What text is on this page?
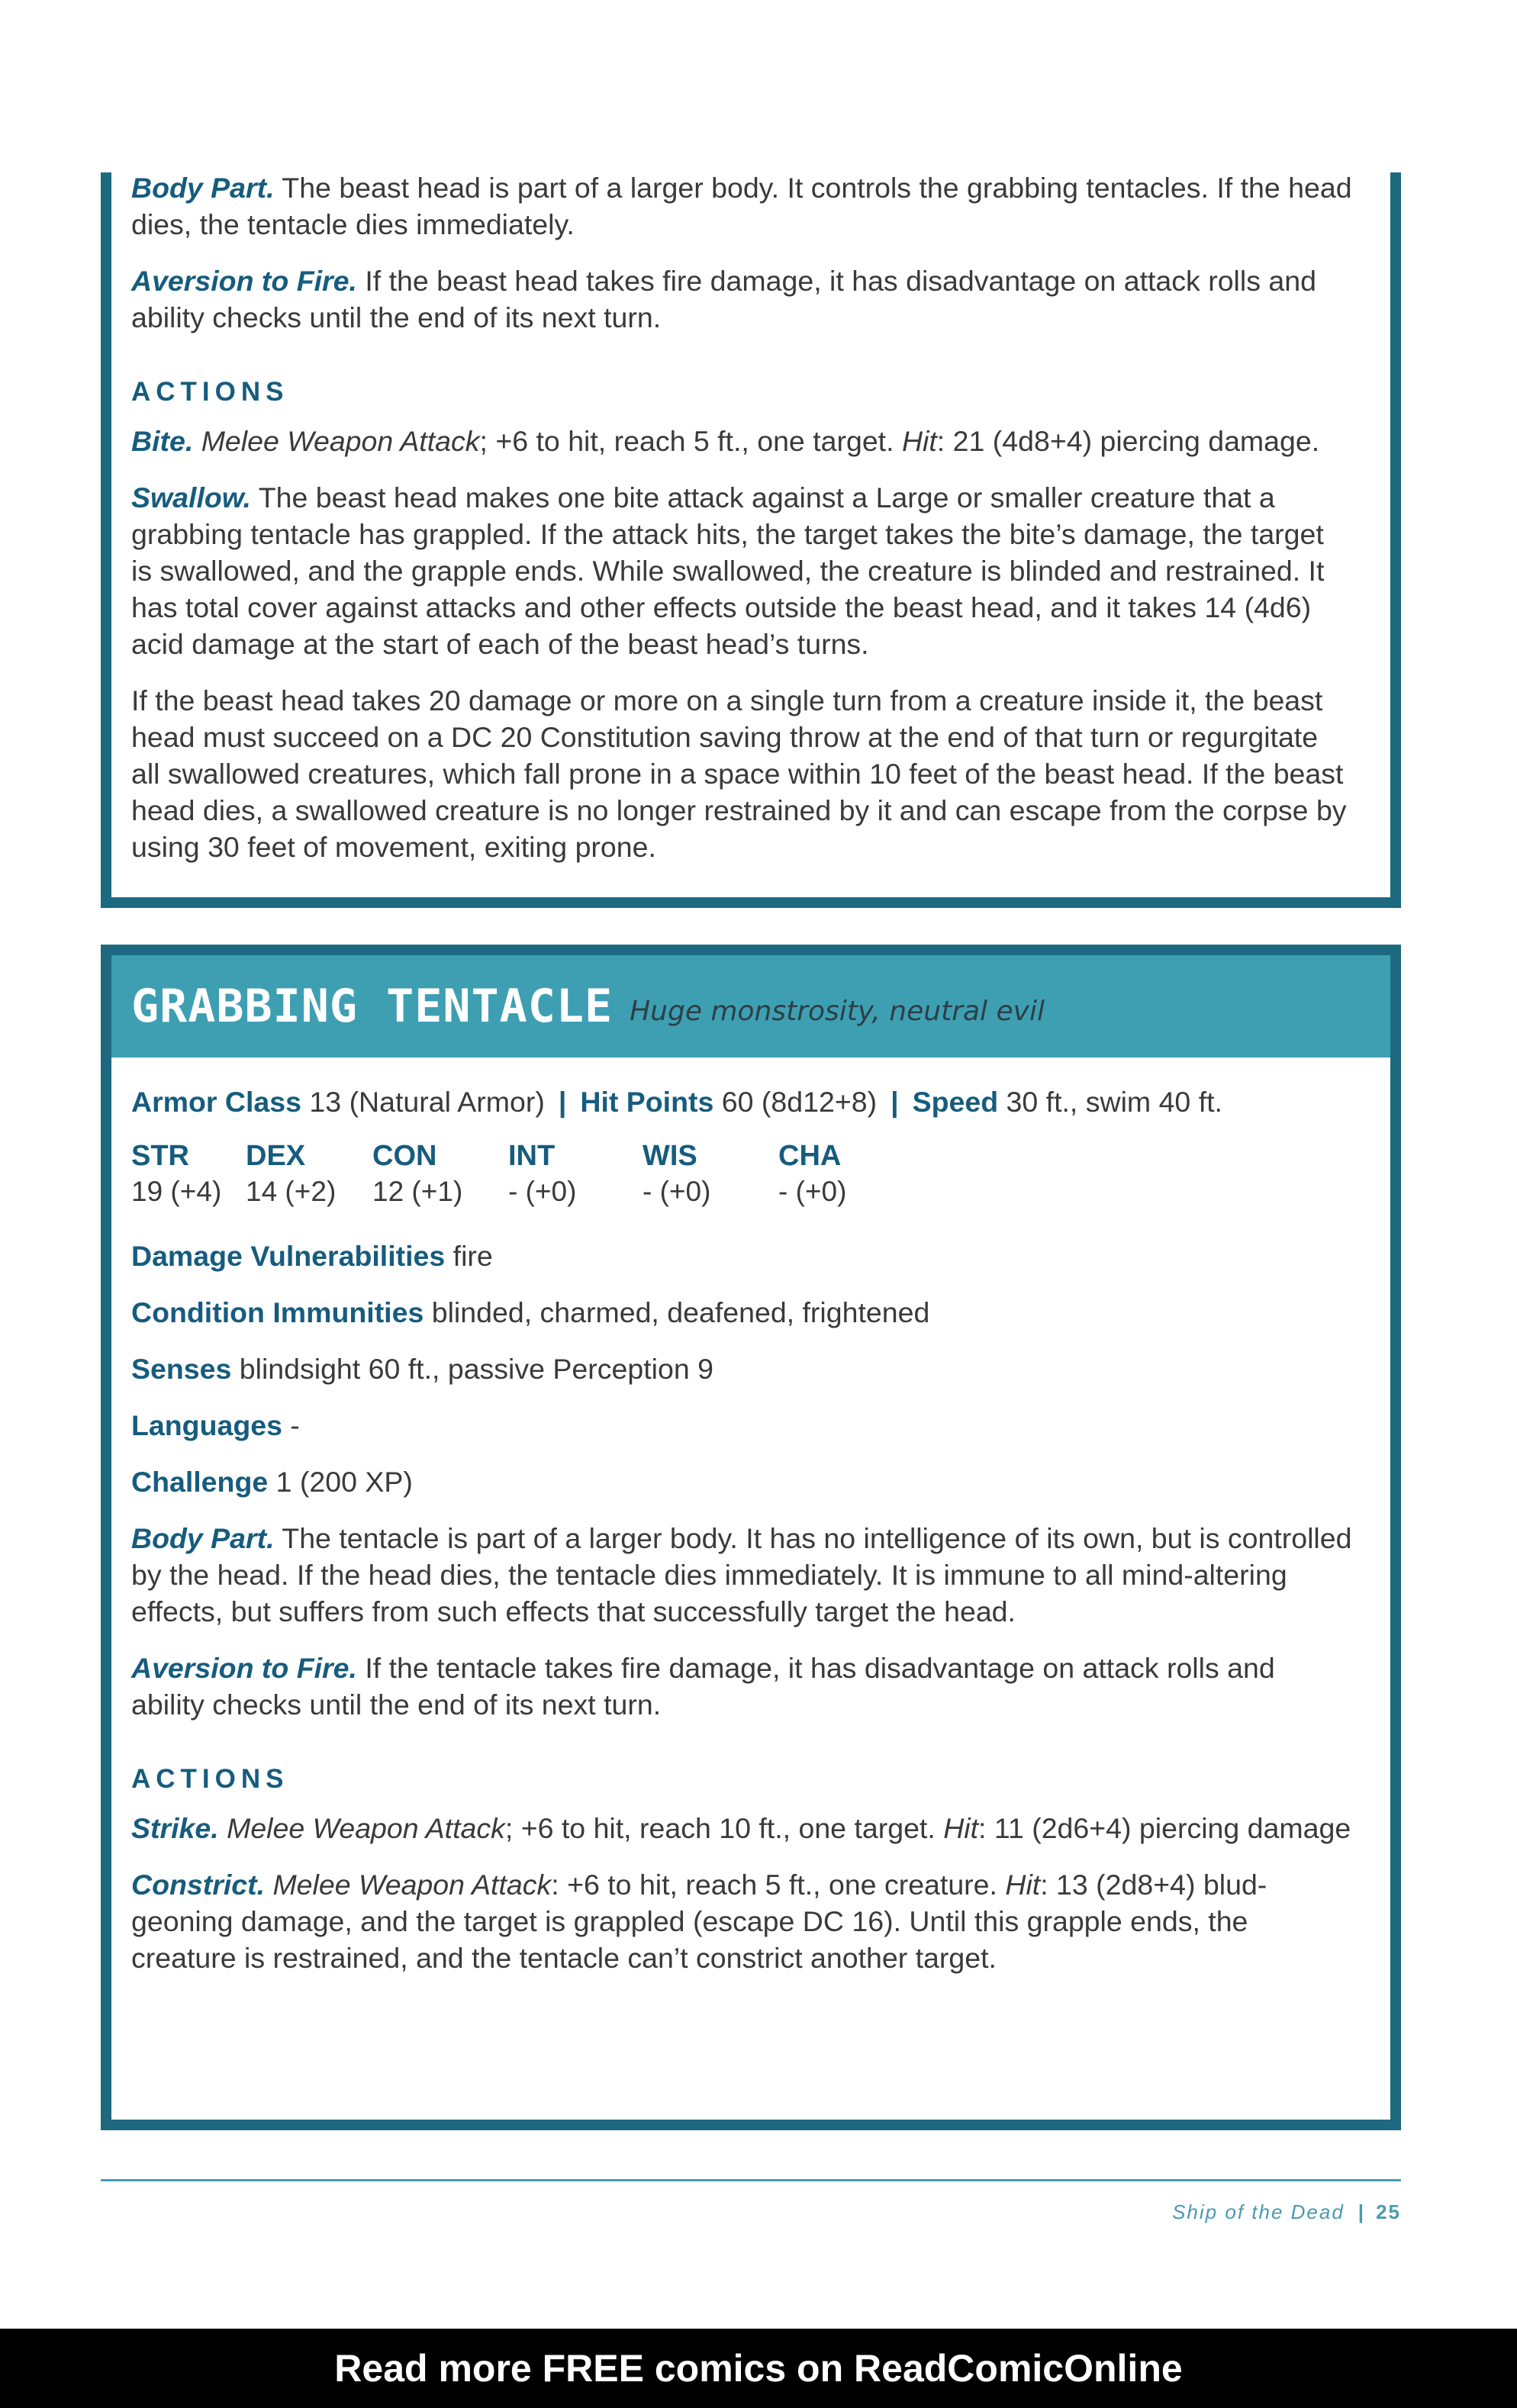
Body Part. The beast head is part of a larger body. It controls the grabbing tentacles. If the head dies, the tentacle dies immediately.

Aversion to Fire. If the beast head takes fire damage, it has disadvantage on attack rolls and ability checks until the end of its next turn.

ACTIONS

Bite. Melee Weapon Attack; +6 to hit, reach 5 ft., one target. Hit: 21 (4d8+4) piercing damage.

Swallow. The beast head makes one bite attack against a Large or smaller creature that a grabbing tentacle has grappled. If the attack hits, the target takes the bite’s damage, the target is swallowed, and the grapple ends. While swallowed, the creature is blinded and restrained. It has total cover against attacks and other effects outside the beast head, and it takes 14 (4d6) acid damage at the start of each of the beast head’s turns.

If the beast head takes 20 damage or more on a single turn from a creature inside it, the beast head must succeed on a DC 20 Constitution saving throw at the end of that turn or regurgitate all swallowed creatures, which fall prone in a space within 10 feet of the beast head. If the beast head dies, a swallowed creature is no longer restrained by it and can escape from the corpse by using 30 feet of movement, exiting prone.

GRABBING TENTACLE Huge monstrosity, neutral evil

Armor Class 13 (Natural Armor) | Hit Points 60 (8d12+8) | Speed 30 ft., swim 40 ft.

STR	DEX	CON	INT	WIS	CHA
19 (+4) 14 (+2)	12 (+1)	- (+0)	- (+0)	- (+0)

Damage Vulnerabilities fire

Condition Immunities blinded, charmed, deafened, frightened

Senses blindsight 60 ft., passive Perception 9

Languages -

Challenge 1 (200 XP)

Body Part. The tentacle is part of a larger body. It has no intelligence of its own, but is controlled by the head. If the head dies, the tentacle dies immediately. It is immune to all mind-altering effects, but suffers from such effects that successfully target the head.

Aversion to Fire. If the tentacle takes fire damage, it has disadvantage on attack rolls and ability checks until the end of its next turn.

ACTIONS

Strike. Melee Weapon Attack; +6 to hit, reach 10 ft., one target. Hit: 11 (2d6+4) piercing damage

Constrict. Melee Weapon Attack: +6 to hit, reach 5 ft., one creature. Hit: 13 (2d8+4) blud-geoning damage, and the target is grappled (escape DC 16). Until this grapple ends, the creature is restrained, and the tentacle can’t constrict another target.

Ship of the Dead | 25
Read more FREE comics on ReadComicOnline
